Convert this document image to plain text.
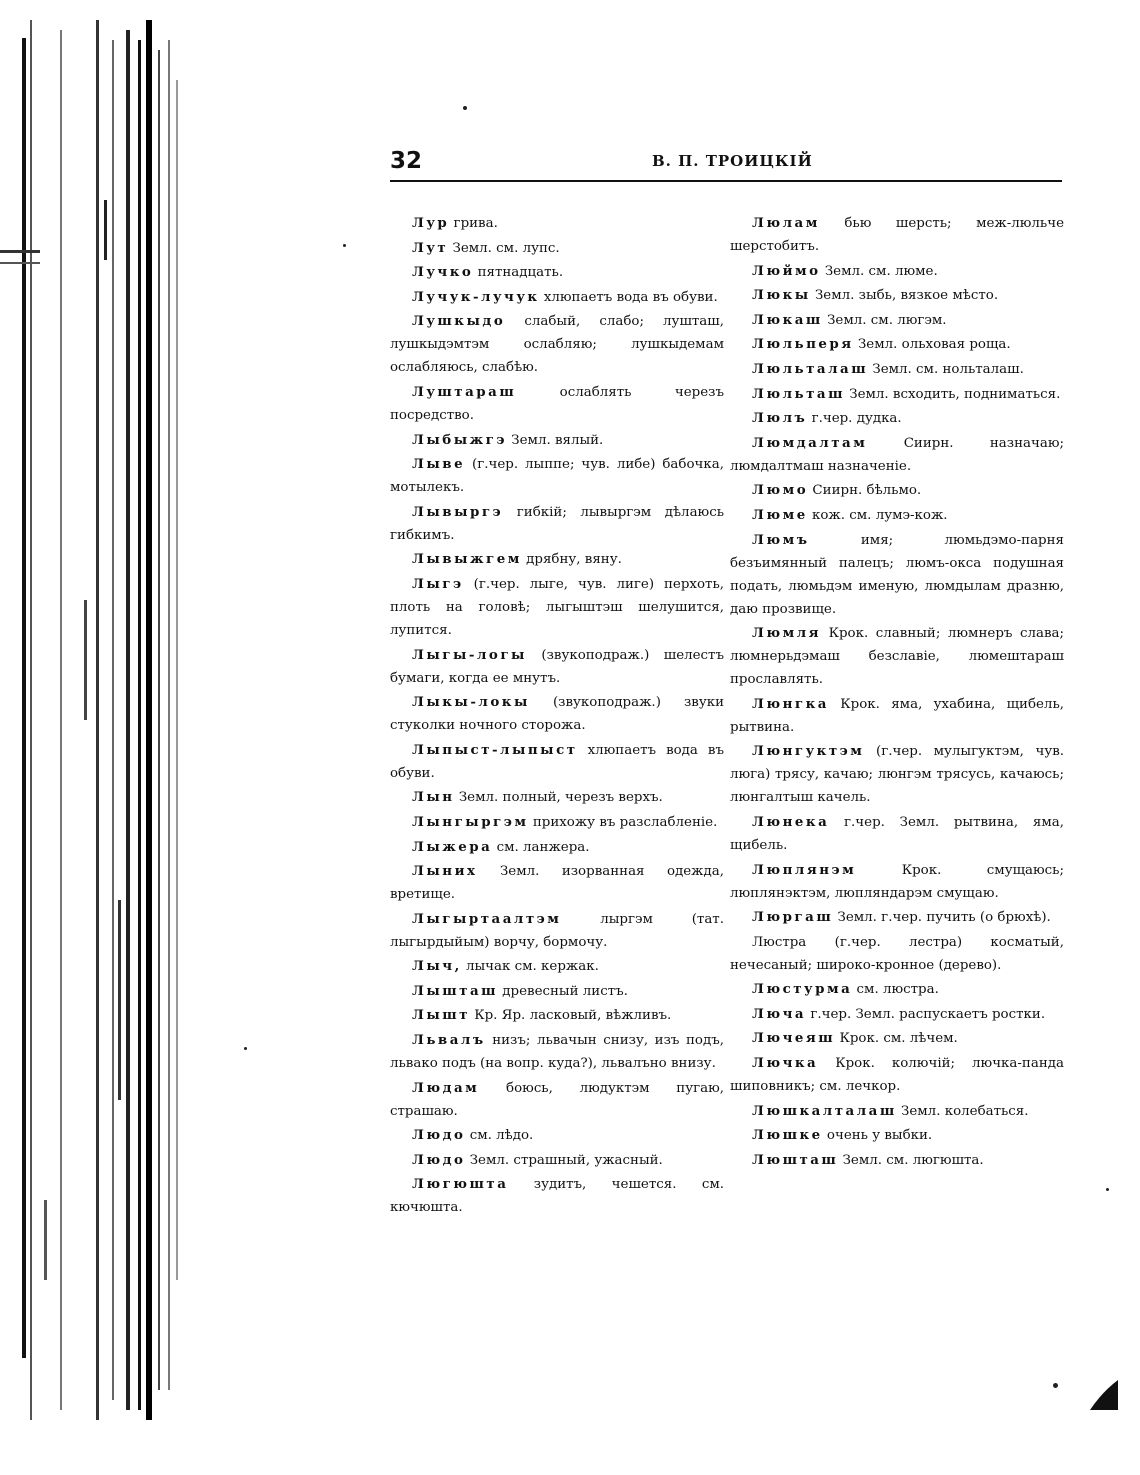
32	В. П. ТРОИЦКІЙ

Лур грива.

Лут Земл. см. лупс.

Лучко пятнадцать.

Лучук-лучук хлюпаетъ вода въ обуви.

Лушкыдо слабый, слабо; лушташ, лушкыдэмтэм ослабляю; лушкыдемам ослабляюсь, слабѣю.

Луштараш	ослаблять черезъ посредство.

Лыбыжгэ Земл. вялый.

Лыве (г.чер. лыппе; чув. либе) бабочка, мотылекъ.

Лывыргэ гибкій; лывыргэм дѣлаюсь гибкимъ.

Лывыжгем дрябну, вяну.

Лыгэ (г.чер. лыге, чув. лиге) перхоть, плоть на головѣ; лыгыштэш шелушится, лупится.

Лыгы-логы (звукоподраж.) шелестъ бумаги, когда ее мнутъ.

Лыкы-локы (звукоподраж.) звуки стуколки ночного сторожа.

Лыпыст-лыпыст хлюпаетъ вода въ обуви.

Лын Земл. полный, черезъ верхъ.

Лынгыргэм прихожу въ разслабленіе.

Лыжера см. ланжера.

Лыних Земл. изорванная одежда, вретище.

Лыгыртаалтэм	лыргэм (тат. лыгырдыйым) ворчу, бормочу.

Лыч, лычак см. кержак.

Лышташ древесный листъ.

Лышт Кр. Яр. ласковый, вѣжливъ.

Львалъ низъ; львачын снизу, изъ подъ, львако подъ (на вопр. куда?), львалъно внизу.

Людам боюсь, людуктэм пугаю, страшаю.

Людо см. лѣдо.

Людо Земл. страшный, ужасный.

Люгюшта зудитъ, чешется. см. кючюшта.

Люлам бью шерсть; меж-люльче шерстобитъ.

Люймо Земл. см. люме.

Люкы Земл. зыбь, вязкое мѣсто.

Люкаш Земл. см. люгэм.

Люльперя Земл. ольховая роща.

Люльталаш Земл. см. нольталаш.

Люльташ Земл. всходить, подниматься.

Люлъ г.чер. дудка.

Люмдалтам	Сиирн. назначаю; люмдалтмаш назначеніе.

Люмо Сиирн. бѣльмо.

Люме кож. см. лумэ-кож.

Люмъ	имя; люмьдэмо-парня безъимянный палецъ; люмъ-окса подушная подать, люмьдэм именую, люмдылам дразню, даю прозвище.

Люмля Крок. славный; люмнеръ слава; люмнерьдэмаш безславіе, люмештараш прославлять.

Люнгка Крок. яма, ухабина, щибель, рытвина.

Люнгуктэм (г.чер. мулыгуктэм, чув. люга) трясу, качаю; люнгэм трясусь, качаюсь; люнгалтыш качель.

Люнека г.чер. Земл. рытвина, яма, щибель.

Люплянэм	Крок. смущаюсь; люплянэктэм, люпляндарэм смущаю.

Люргаш Земл. г.чер. пучить (о брюхѣ).

Люстра (г.чер. лестра) косматый, нечесаный; широко-кронное (дерево).

Люстурма см. люстра.

Люча г.чер. Земл. распускаетъ ростки.

Лючеяш Крок. см. лѣчем.

Лючка Крок. колючій; лючка-панда шиповникъ; см. лечкор.

Люшкалталаш Земл. колебаться.

Люшке очень у выбки.

Люшташ Земл. см. люгюшта.
